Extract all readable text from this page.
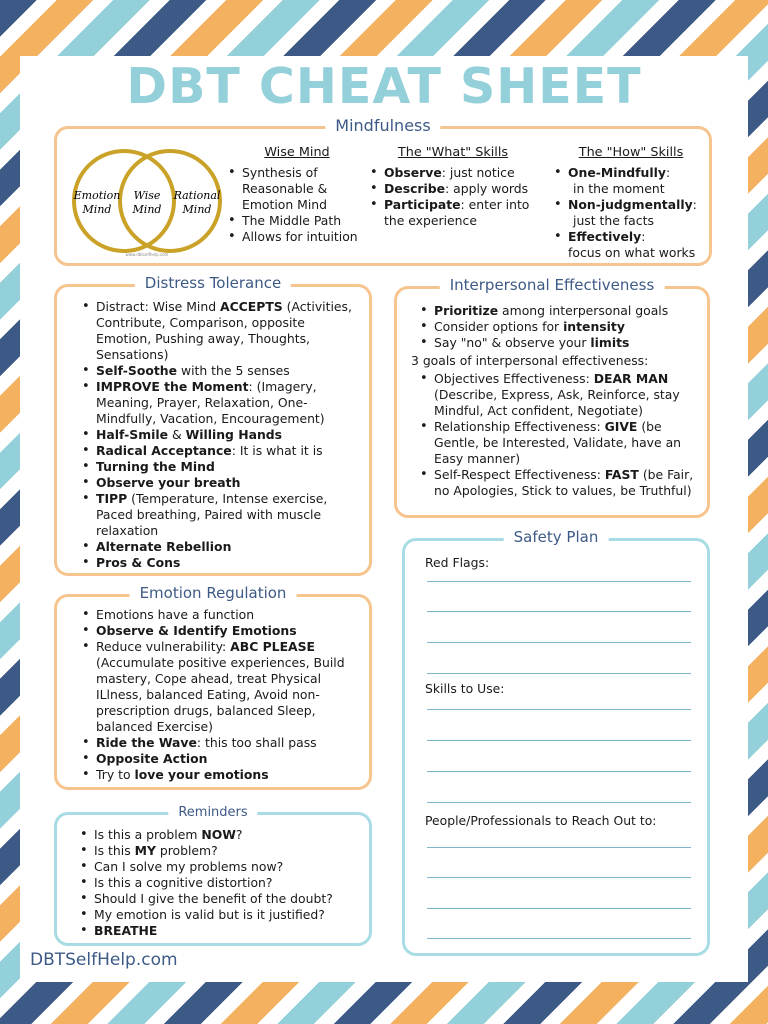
DBT CHEAT SHEET
Mindfulness
Emotion
Mind
Wise
Mind
Rational
Mind
www.dbtselfhelp.com
Wise Mind
• Synthesis of Reasonable & Emotion Mind
• The Middle Path
• Allows for intuition
The "What" Skills
• Observe: just notice
• Describe: apply words
• Participate: enter into the experience
The "How" Skills
• One-Mindfully:
in the moment
• Non-judgmentally:
just the facts
• Effectively:
focus on what works
Distress Tolerance
• Distract: Wise Mind ACCEPTS (Activities, Contribute, Comparison, opposite Emotion, Pushing away, Thoughts, Sensations)
• Self-Soothe with the 5 senses
• IMPROVE the Moment: (Imagery, Meaning, Prayer, Relaxation, One-Mindfully, Vacation, Encouragement)
• Half-Smile & Willing Hands
• Radical Acceptance: It is what it is
• Turning the Mind
• Observe your breath
• TIPP (Temperature, Intense exercise, Paced breathing, Paired with muscle relaxation
• Alternate Rebellion
• Pros & Cons
Interpersonal Effectiveness
• Prioritize among interpersonal goals
• Consider options for intensity
• Say "no" & observe your limits
3 goals of interpersonal effectiveness:
• Objectives Effectiveness: DEAR MAN (Describe, Express, Ask, Reinforce, stay Mindful, Act confident, Negotiate)
• Relationship Effectiveness: GIVE (be Gentle, be Interested, Validate, have an Easy manner)
• Self-Respect Effectiveness: FAST (be Fair, no Apologies, Stick to values, be Truthful)
Emotion Regulation
• Emotions have a function
• Observe & Identify Emotions
• Reduce vulnerability: ABC PLEASE (Accumulate positive experiences, Build mastery, Cope ahead, treat Physical ILlness, balanced Eating, Avoid non-prescription drugs, balanced Sleep, balanced Exercise)
• Ride the Wave: this too shall pass
• Opposite Action
• Try to love your emotions
Reminders
• Is this a problem NOW?
• Is this MY problem?
• Can I solve my problems now?
• Is this a cognitive distortion?
• Should I give the benefit of the doubt?
• My emotion is valid but is it justified?
• BREATHE
Safety Plan
Red Flags:
Skills to Use:
People/Professionals to Reach Out to:
DBTSelfHelp.com
